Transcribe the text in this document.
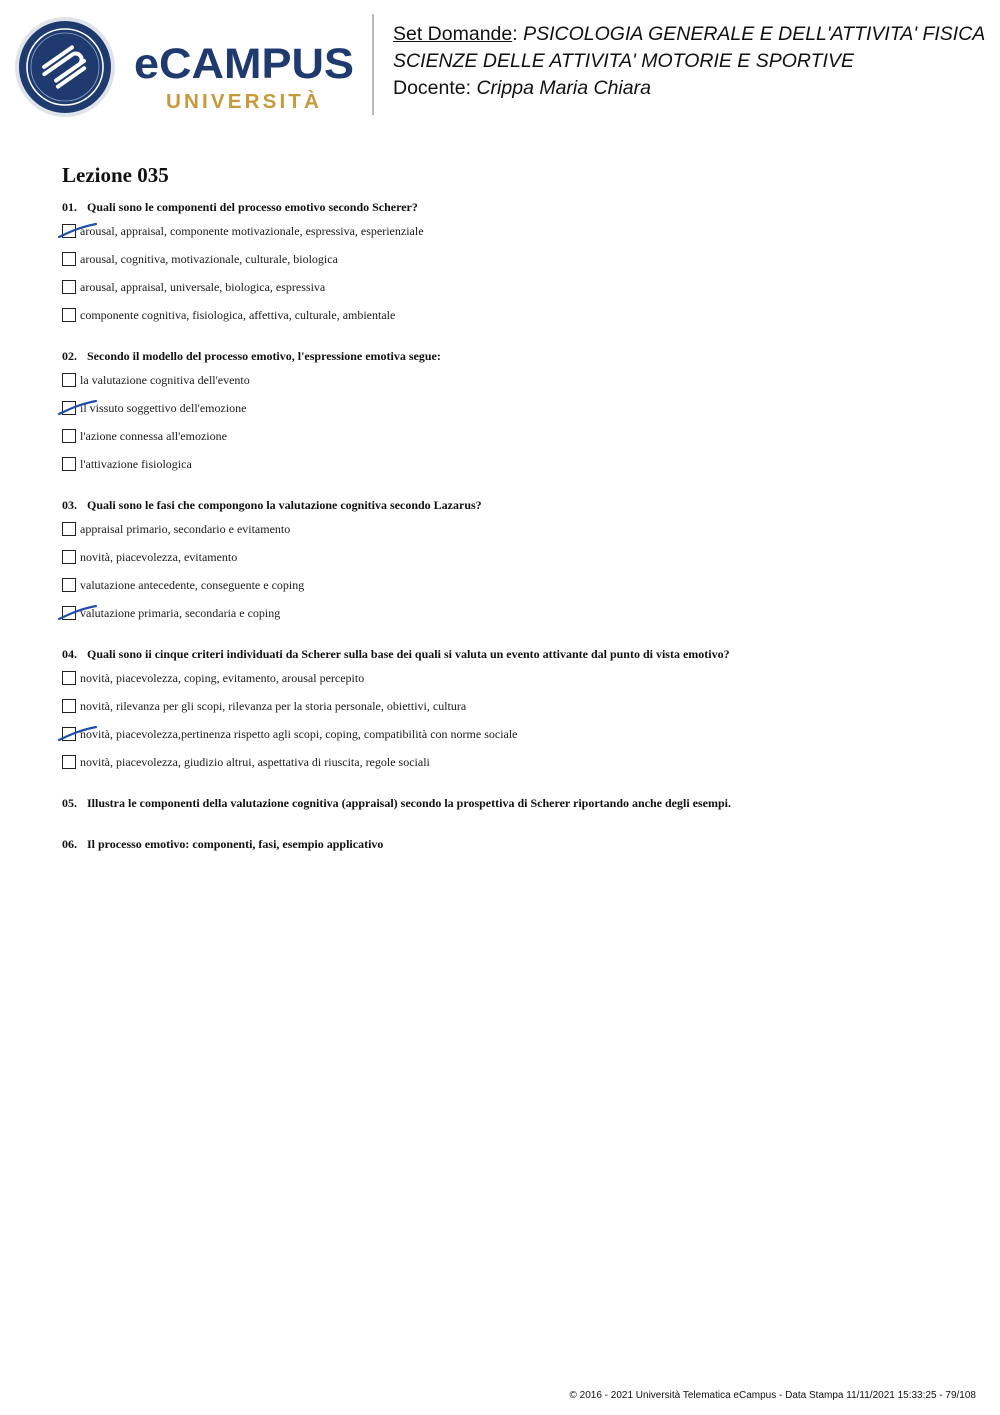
eCAMPUS
UNIVERSITÀ
Set Domande: PSICOLOGIA GENERALE E DELL'ATTIVITA' FISICA
SCIENZE DELLE ATTIVITA' MOTORIE E SPORTIVE
Docente: Crippa Maria Chiara
Lezione 035
01. Quali sono le componenti del processo emotivo secondo Scherer?
arousal, appraisal, componente motivazionale, espressiva, esperienziale
arousal, cognitiva, motivazionale, culturale, biologica
arousal, appraisal, universale, biologica, espressiva
componente cognitiva, fisiologica, affettiva, culturale, ambientale
02. Secondo il modello del processo emotivo, l'espressione emotiva segue:
la valutazione cognitiva dell'evento
il vissuto soggettivo dell'emozione
l'azione connessa all'emozione
l'attivazione fisiologica
03. Quali sono le fasi che compongono la valutazione cognitiva secondo Lazarus?
appraisal primario, secondario e evitamento
novità, piacevolezza, evitamento
valutazione antecedente, conseguente e coping
valutazione primaria, secondaria e coping
04. Quali sono ii cinque criteri individuati da Scherer sulla base dei quali si valuta un evento attivante dal punto di vista emotivo?
novità, piacevolezza, coping, evitamento, arousal percepito
novità, rilevanza per gli scopi, rilevanza per la storia personale, obiettivi, cultura
novità, piacevolezza,pertinenza rispetto agli scopi, coping, compatibilità con norme sociale
novità, piacevolezza, giudizio altrui, aspettativa di riuscita, regole sociali
05. Illustra le componenti della valutazione cognitiva (appraisal) secondo la prospettiva di Scherer riportando anche degli esempi.
06. Il processo emotivo: componenti, fasi, esempio applicativo
© 2016 - 2021 Università Telematica eCampus - Data Stampa 11/11/2021 15:33:25 - 79/108
